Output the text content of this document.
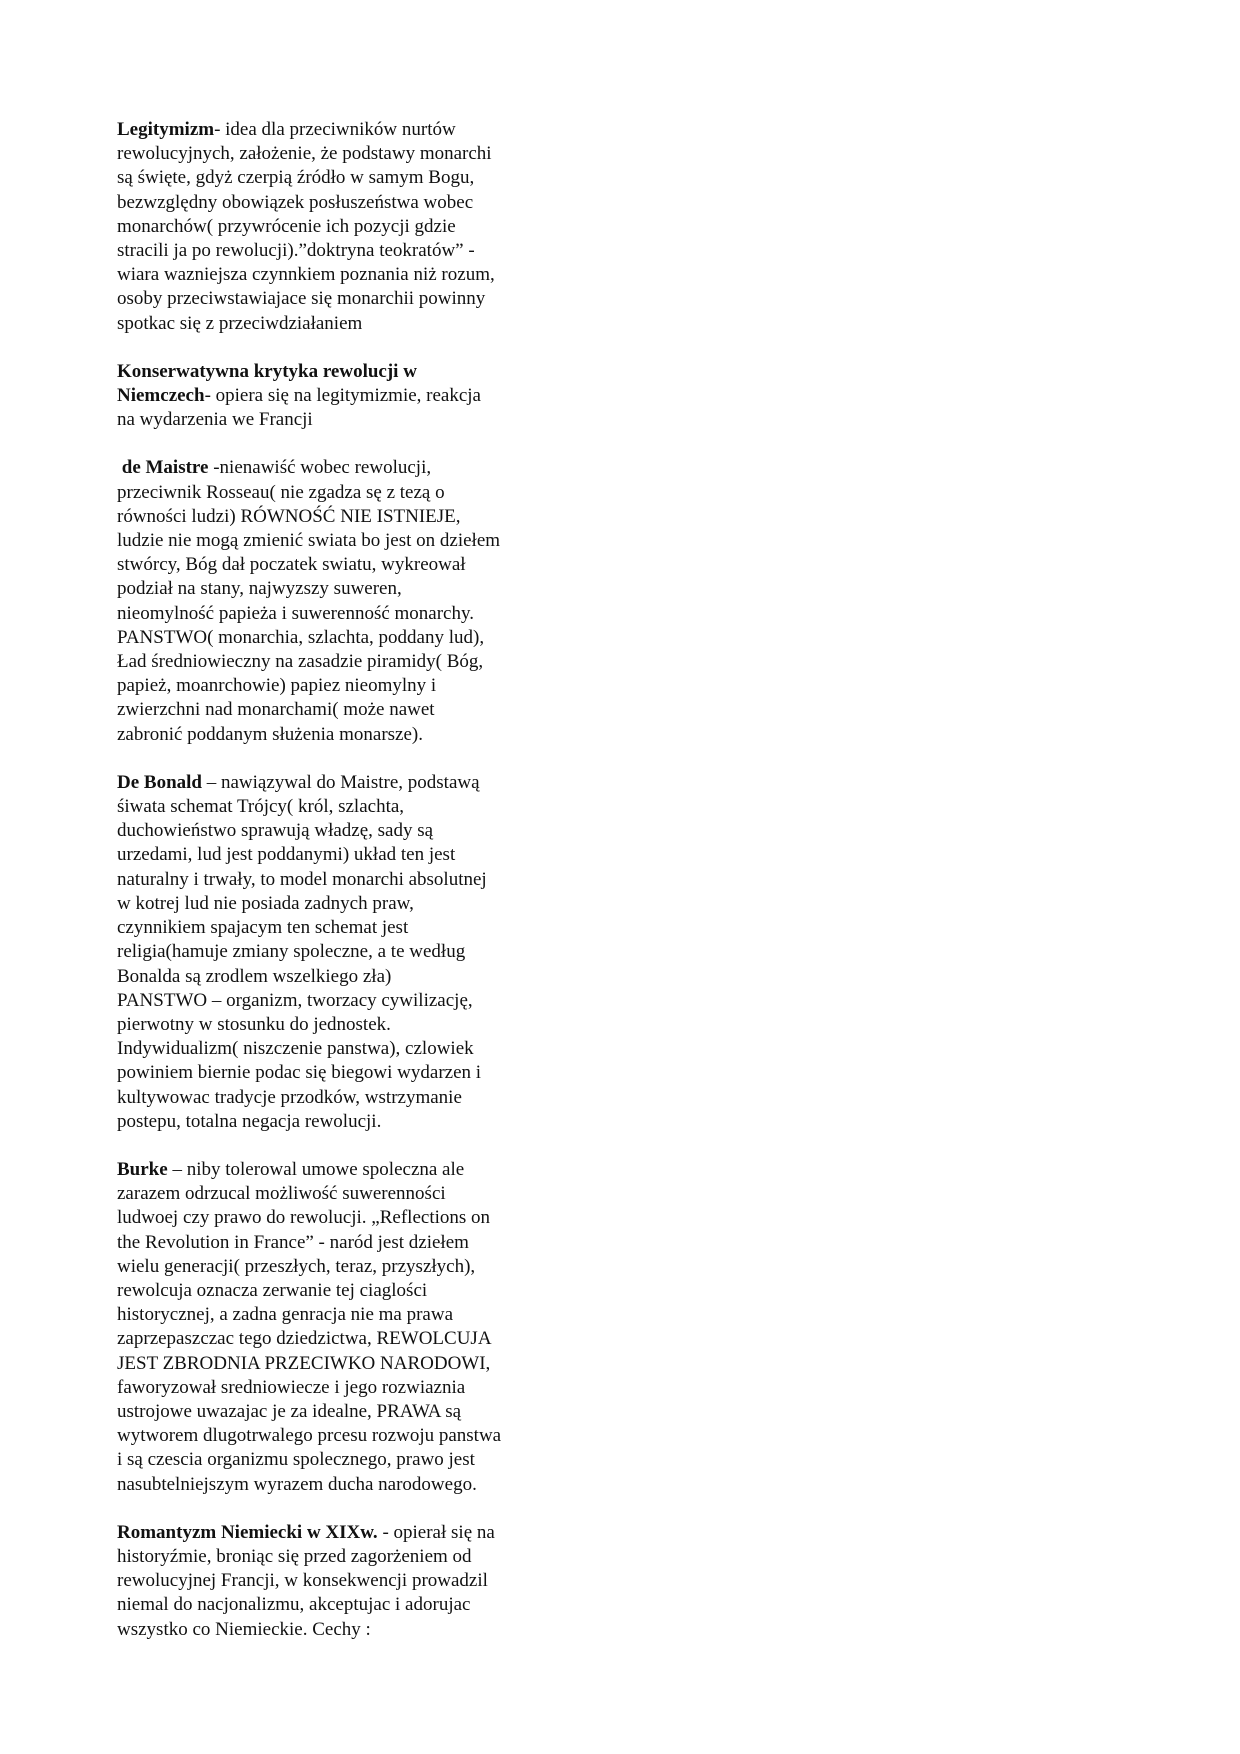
Legitymizm- idea dla przeciwników nurtów
rewolucyjnych, założenie, że podstawy monarchi
są święte, gdyż czerpią źródło w samym Bogu,
bezwzględny obowiązek posłuszeństwa wobec
monarchów( przywrócenie ich pozycji gdzie
stracili ja po rewolucji).”doktryna teokratów” -
wiara wazniejsza czynnkiem poznania niż rozum,
osoby przeciwstawiajace się monarchii powinny
spotkac się z przeciwdziałaniem

Konserwatywna krytyka rewolucji w
Niemczech- opiera się na legitymizmie, reakcja
na wydarzenia we Francji

de Maistre -nienawiść wobec rewolucji,
przeciwnik Rosseau( nie zgadza sę z tezą o
równości ludzi) RÓWNOŚĆ NIE ISTNIEJE,
ludzie nie mogą zmienić swiata bo jest on dziełem
stwórcy, Bóg dał poczatek swiatu, wykreował
podział na stany, najwyzszy suweren,
nieomylność papieża i suwerenność monarchy.
PANSTWO( monarchia, szlachta, poddany lud),
Ład średniowieczny na zasadzie piramidy( Bóg,
papież, moanrchowie) papiez nieomylny i
zwierzchni nad monarchami( może nawet
zabronić poddanym służenia monarsze).

De Bonald – nawiązywal do Maistre, podstawą
śiwata schemat Trójcy( król, szlachta,
duchowieństwo sprawują władzę, sady są
urzedami, lud jest poddanymi) układ ten jest
naturalny i trwały, to model monarchi absolutnej
w kotrej lud nie posiada zadnych praw,
czynnikiem spajacym ten schemat jest
religia(hamuje zmiany spoleczne, a te według
Bonalda są zrodlem wszelkiego zła)
PANSTWO – organizm, tworzacy cywilizację,
pierwotny w stosunku do jednostek.
Indywidualizm( niszczenie panstwa), czlowiek
powiniem biernie podac się biegowi wydarzen i
kultywowac tradycje przodków, wstrzymanie
postepu, totalna negacja rewolucji.

Burke – niby tolerowal umowe spoleczna ale
zarazem odrzucal możliwość suwerenności
ludwoej czy prawo do rewolucji. „Reflections on
the Revolution in France” - naród jest dziełem
wielu generacji( przeszłych, teraz, przyszłych),
rewolcuja oznacza zerwanie tej ciaglości
historycznej, a zadna genracja nie ma prawa
zaprzepaszczac tego dziedzictwa, REWOLCUJA
JEST ZBRODNIA PRZECIWKO NARODOWI,
faworyzował sredniowiecze i jego rozwiaznia
ustrojowe uwazajac je za idealne, PRAWA są
wytworem dlugotrwalego prcesu rozwoju panstwa
i są czescia organizmu spolecznego, prawo jest
nasubtelniejszym wyrazem ducha narodowego.

Romantyzm Niemiecki w XIXw. - opierał się na
historyźmie, broniąc się przed zagorżeniem od
rewolucyjnej Francji, w konsekwencji prowadzil
niemal do nacjonalizmu, akceptujac i adorujac
wszystko co Niemieckie. Cechy :
